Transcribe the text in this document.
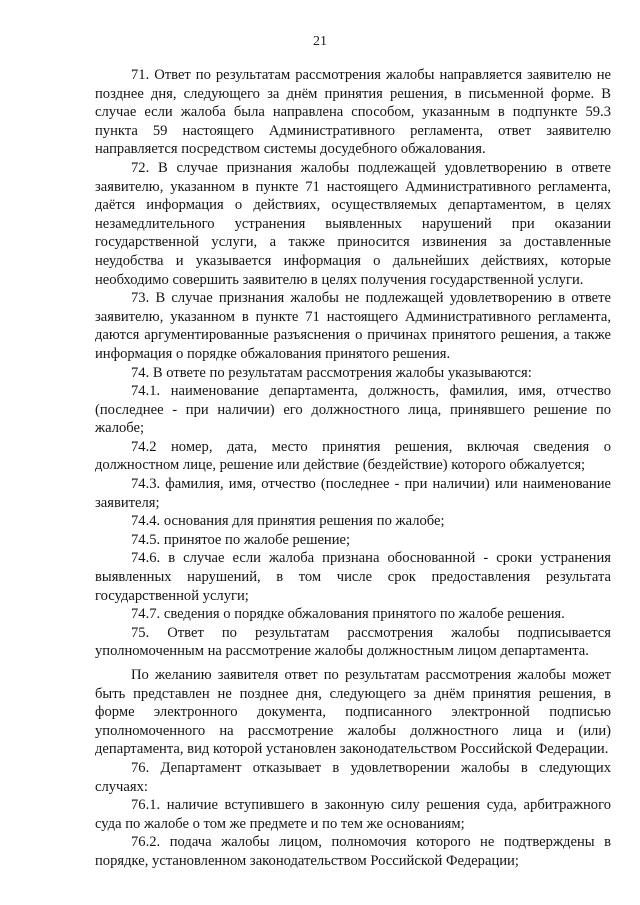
21

71. Ответ по результатам рассмотрения жалобы направляется заявителю не позднее дня, следующего за днём принятия решения, в письменной форме. В случае если жалоба была направлена способом, указанным в подпункте 59.3 пункта 59 настоящего Административного регламента, ответ заявителю направляется посредством системы досудебного обжалования.

72. В случае признания жалобы подлежащей удовлетворению в ответе заявителю, указанном в пункте 71 настоящего Административного регламента, даётся информация о действиях, осуществляемых департаментом, в целях незамедлительного устранения выявленных нарушений при оказании государственной услуги, а также приносится извинения за доставленные неудобства и указывается информация о дальнейших действиях, которые необходимо совершить заявителю в целях получения государственной услуги.

73. В случае признания жалобы не подлежащей удовлетворению в ответе заявителю, указанном в пункте 71 настоящего Административного регламента, даются аргументированные разъяснения о причинах принятого решения, а также информация о порядке обжалования принятого решения.

74. В ответе по результатам рассмотрения жалобы указываются:

74.1. наименование департамента, должность, фамилия, имя, отчество (последнее - при наличии) его должностного лица, принявшего решение по жалобе;

74.2 номер, дата, место принятия решения, включая сведения о должностном лице, решение или действие (бездействие) которого обжалуется;

74.3. фамилия, имя, отчество (последнее - при наличии) или наименование заявителя;

74.4. основания для принятия решения по жалобе;

74.5. принятое по жалобе решение;

74.6. в случае если жалоба признана обоснованной - сроки устранения выявленных нарушений, в том числе срок предоставления результата государственной услуги;

74.7. сведения о порядке обжалования принятого по жалобе решения.

75. Ответ по результатам рассмотрения жалобы подписывается уполномоченным на рассмотрение жалобы должностным лицом департамента.

По желанию заявителя ответ по результатам рассмотрения жалобы может быть представлен не позднее дня, следующего за днём принятия решения, в форме электронного документа, подписанного электронной подписью уполномоченного на рассмотрение жалобы должностного лица и (или) департамента, вид которой установлен законодательством Российской Федерации.

76. Департамент отказывает в удовлетворении жалобы в следующих случаях:

76.1. наличие вступившего в законную силу решения суда, арбитражного суда по жалобе о том же предмете и по тем же основаниям;

76.2. подача жалобы лицом, полномочия которого не подтверждены в порядке, установленном законодательством Российской Федерации;
